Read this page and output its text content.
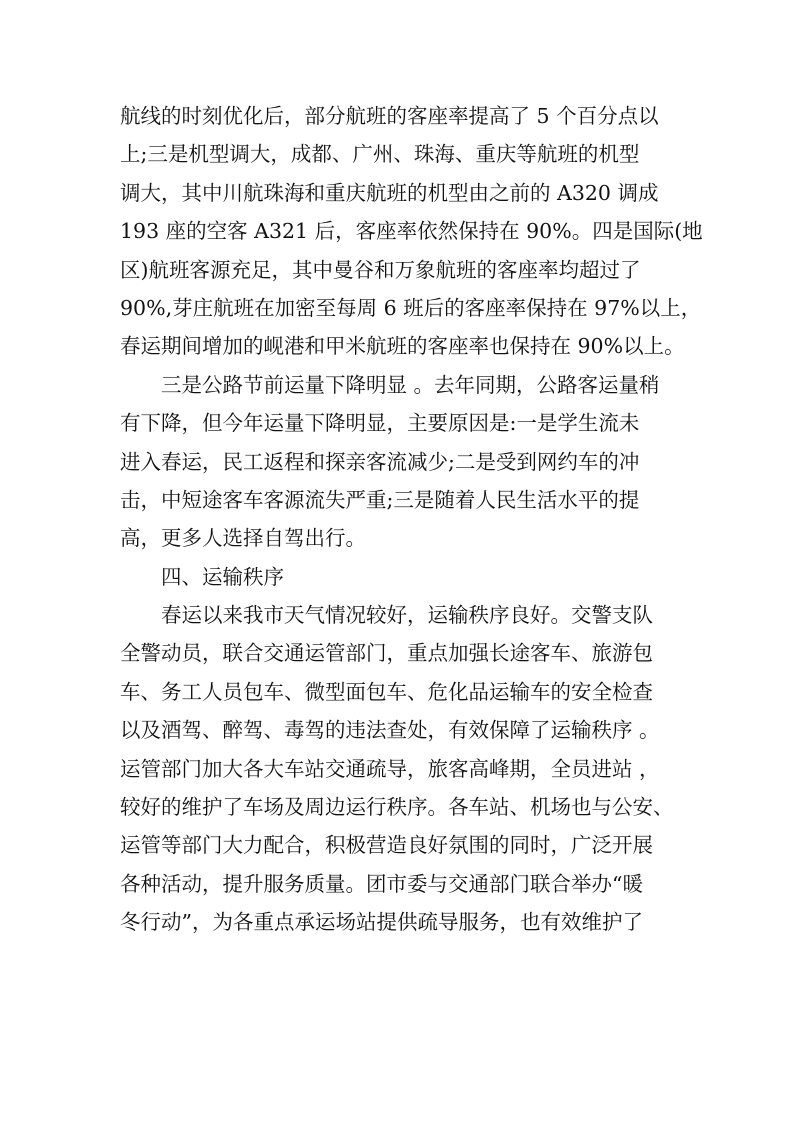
航线的时刻优化后，部分航班的客座率提高了 5 个百分点以
上;三是机型调大，成都、广州、珠海、重庆等航班的机型
调大，其中川航珠海和重庆航班的机型由之前的 A320 调成
193 座的空客 A321 后，客座率依然保持在 90%。四是国际(地
区)航班客源充足，其中曼谷和万象航班的客座率均超过了
90%,芽庄航班在加密至每周 6 班后的客座率保持在 97%以上，
春运期间增加的岘港和甲米航班的客座率也保持在 90%以上。
三是公路节前运量下降明显 。去年同期，公路客运量稍
有下降，但今年运量下降明显，主要原因是:一是学生流未
进入春运，民工返程和探亲客流减少;二是受到网约车的冲
击，中短途客车客源流失严重;三是随着人民生活水平的提
高，更多人选择自驾出行。
四、运输秩序
春运以来我市天气情况较好，运输秩序良好。交警支队
全警动员，联合交通运管部门，重点加强长途客车、旅游包
车、务工人员包车、微型面包车、危化品运输车的安全检查
以及酒驾、醉驾、毒驾的违法查处，有效保障了运输秩序 。
运管部门加大各大车站交通疏导，旅客高峰期，全员进站 ，
较好的维护了车场及周边运行秩序。各车站、机场也与公安、
运管等部门大力配合，积极营造良好氛围的同时，广泛开展
各种活动，提升服务质量。团市委与交通部门联合举办“暖
冬行动”，为各重点承运场站提供疏导服务，也有效维护了
